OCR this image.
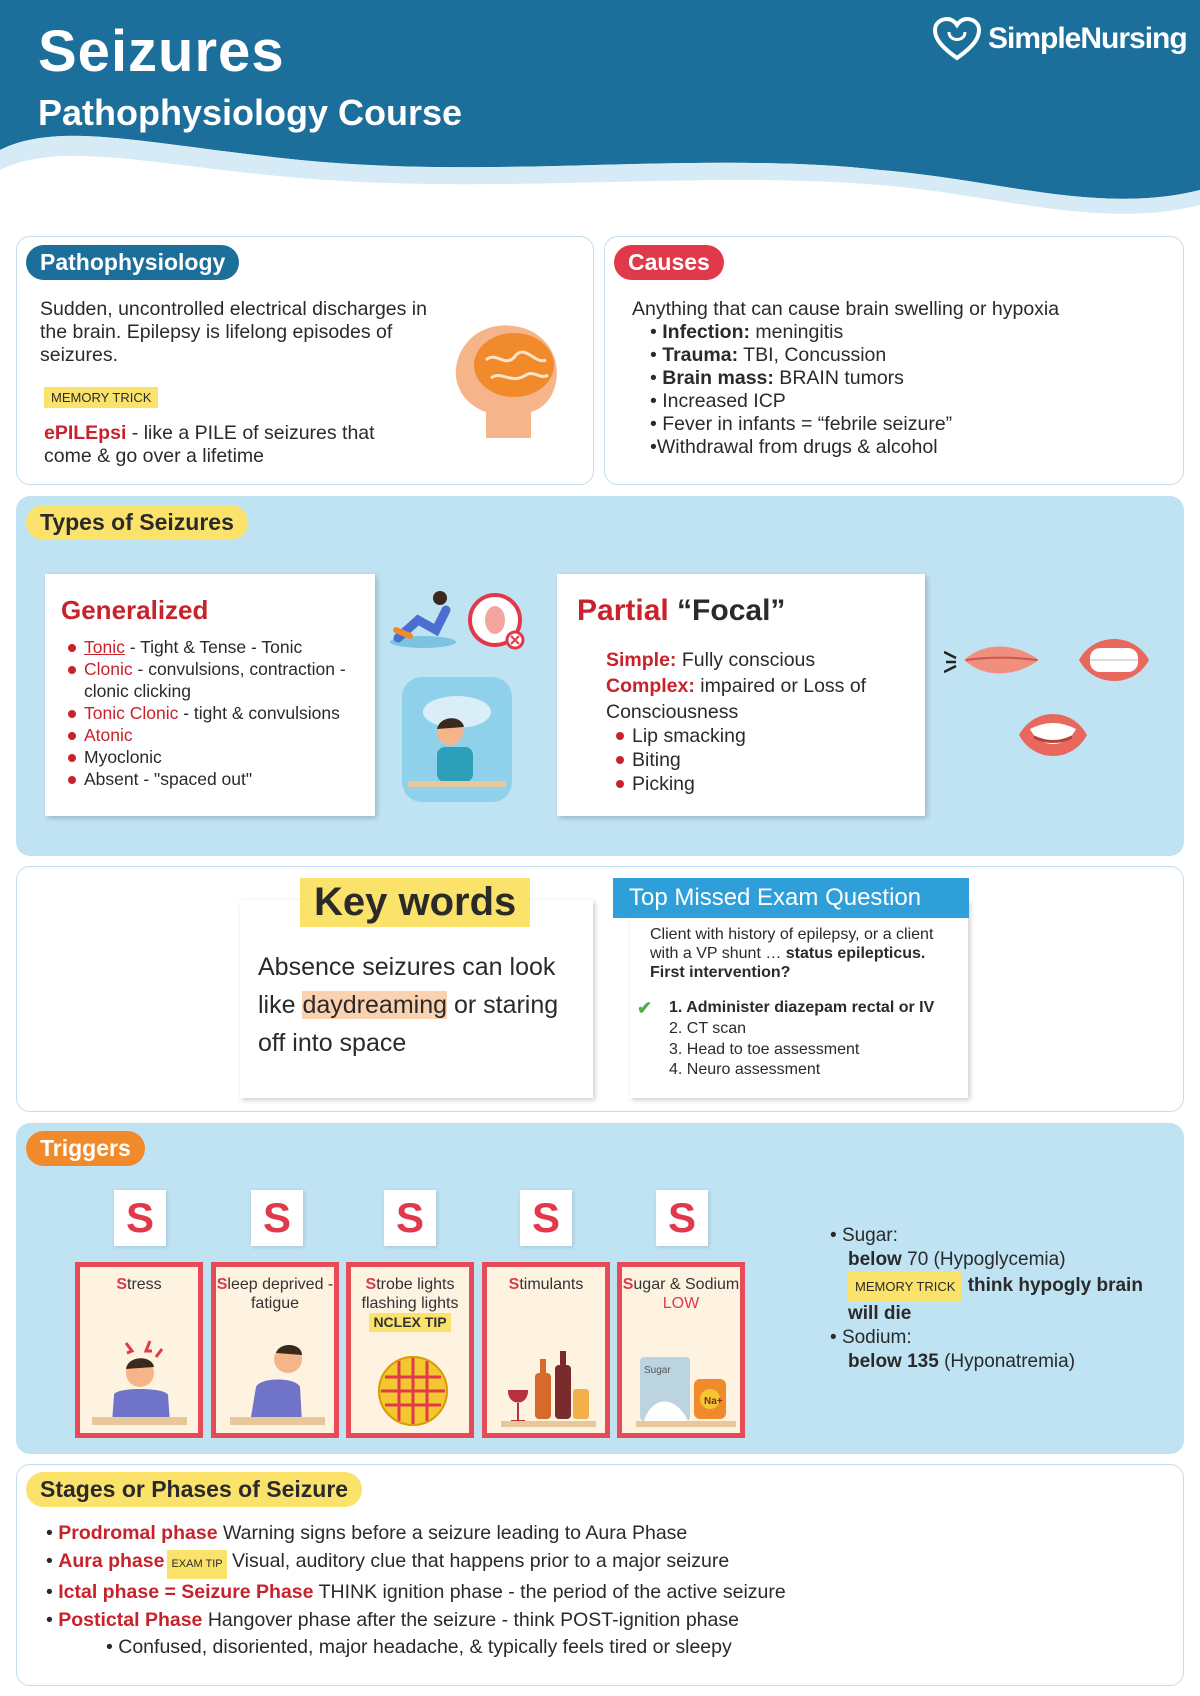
Seizures
Pathophysiology Course
SimpleNursing
Pathophysiology
Sudden, uncontrolled electrical discharges in the brain. Epilepsy is lifelong episodes of seizures.
MEMORY TRICK
ePILEpsi - like a PILE of seizures that come & go over a lifetime
Causes
Anything that can cause brain swelling or hypoxia
• Infection: meningitis
• Trauma: TBI, Concussion
• Brain mass: BRAIN tumors
• Increased ICP
• Fever in infants = “febrile seizure”
•Withdrawal from drugs & alcohol
Types of Seizures
Generalized
Tonic - Tight & Tense - Tonic
Clonic - convulsions, contraction - clonic clicking
Tonic Clonic - tight & convulsions
Atonic
Myoclonic
Absent - "spaced out"
Partial “Focal”
Simple: Fully conscious
Complex: impaired or Loss of Consciousness
Lip smacking
Biting
Picking
Key words
Absence seizures can look like daydreaming or staring off into space
Top Missed Exam Question
Client with history of epilepsy, or a client with a VP shunt … status epilepticus. First intervention?
✔ 1. Administer diazepam rectal or IV
2. CT scan
3. Head to toe assessment
4. Neuro assessment
Triggers
S	S S	S	S
Stress	Sleep deprived - fatigue
Strobe lights flashing lights
NCLEX TIP
Stimulants	Sugar & Sodium LOW
Sugar
Na+
• Sugar:
below 70 (Hypoglycemia)
MEMORY TRICK think hypogly brain will die
• Sodium:
below 135 (Hyponatremia)
Stages or Phases of Seizure
• Prodromal phase Warning signs before a seizure leading to Aura Phase
• Aura phase EXAM TIP Visual, auditory clue that happens prior to a major seizure
• Ictal phase = Seizure Phase THINK ignition phase - the period of the active seizure
• Postictal Phase Hangover phase after the seizure - think POST-ignition phase
• Confused, disoriented, major headache, & typically feels tired or sleepy
